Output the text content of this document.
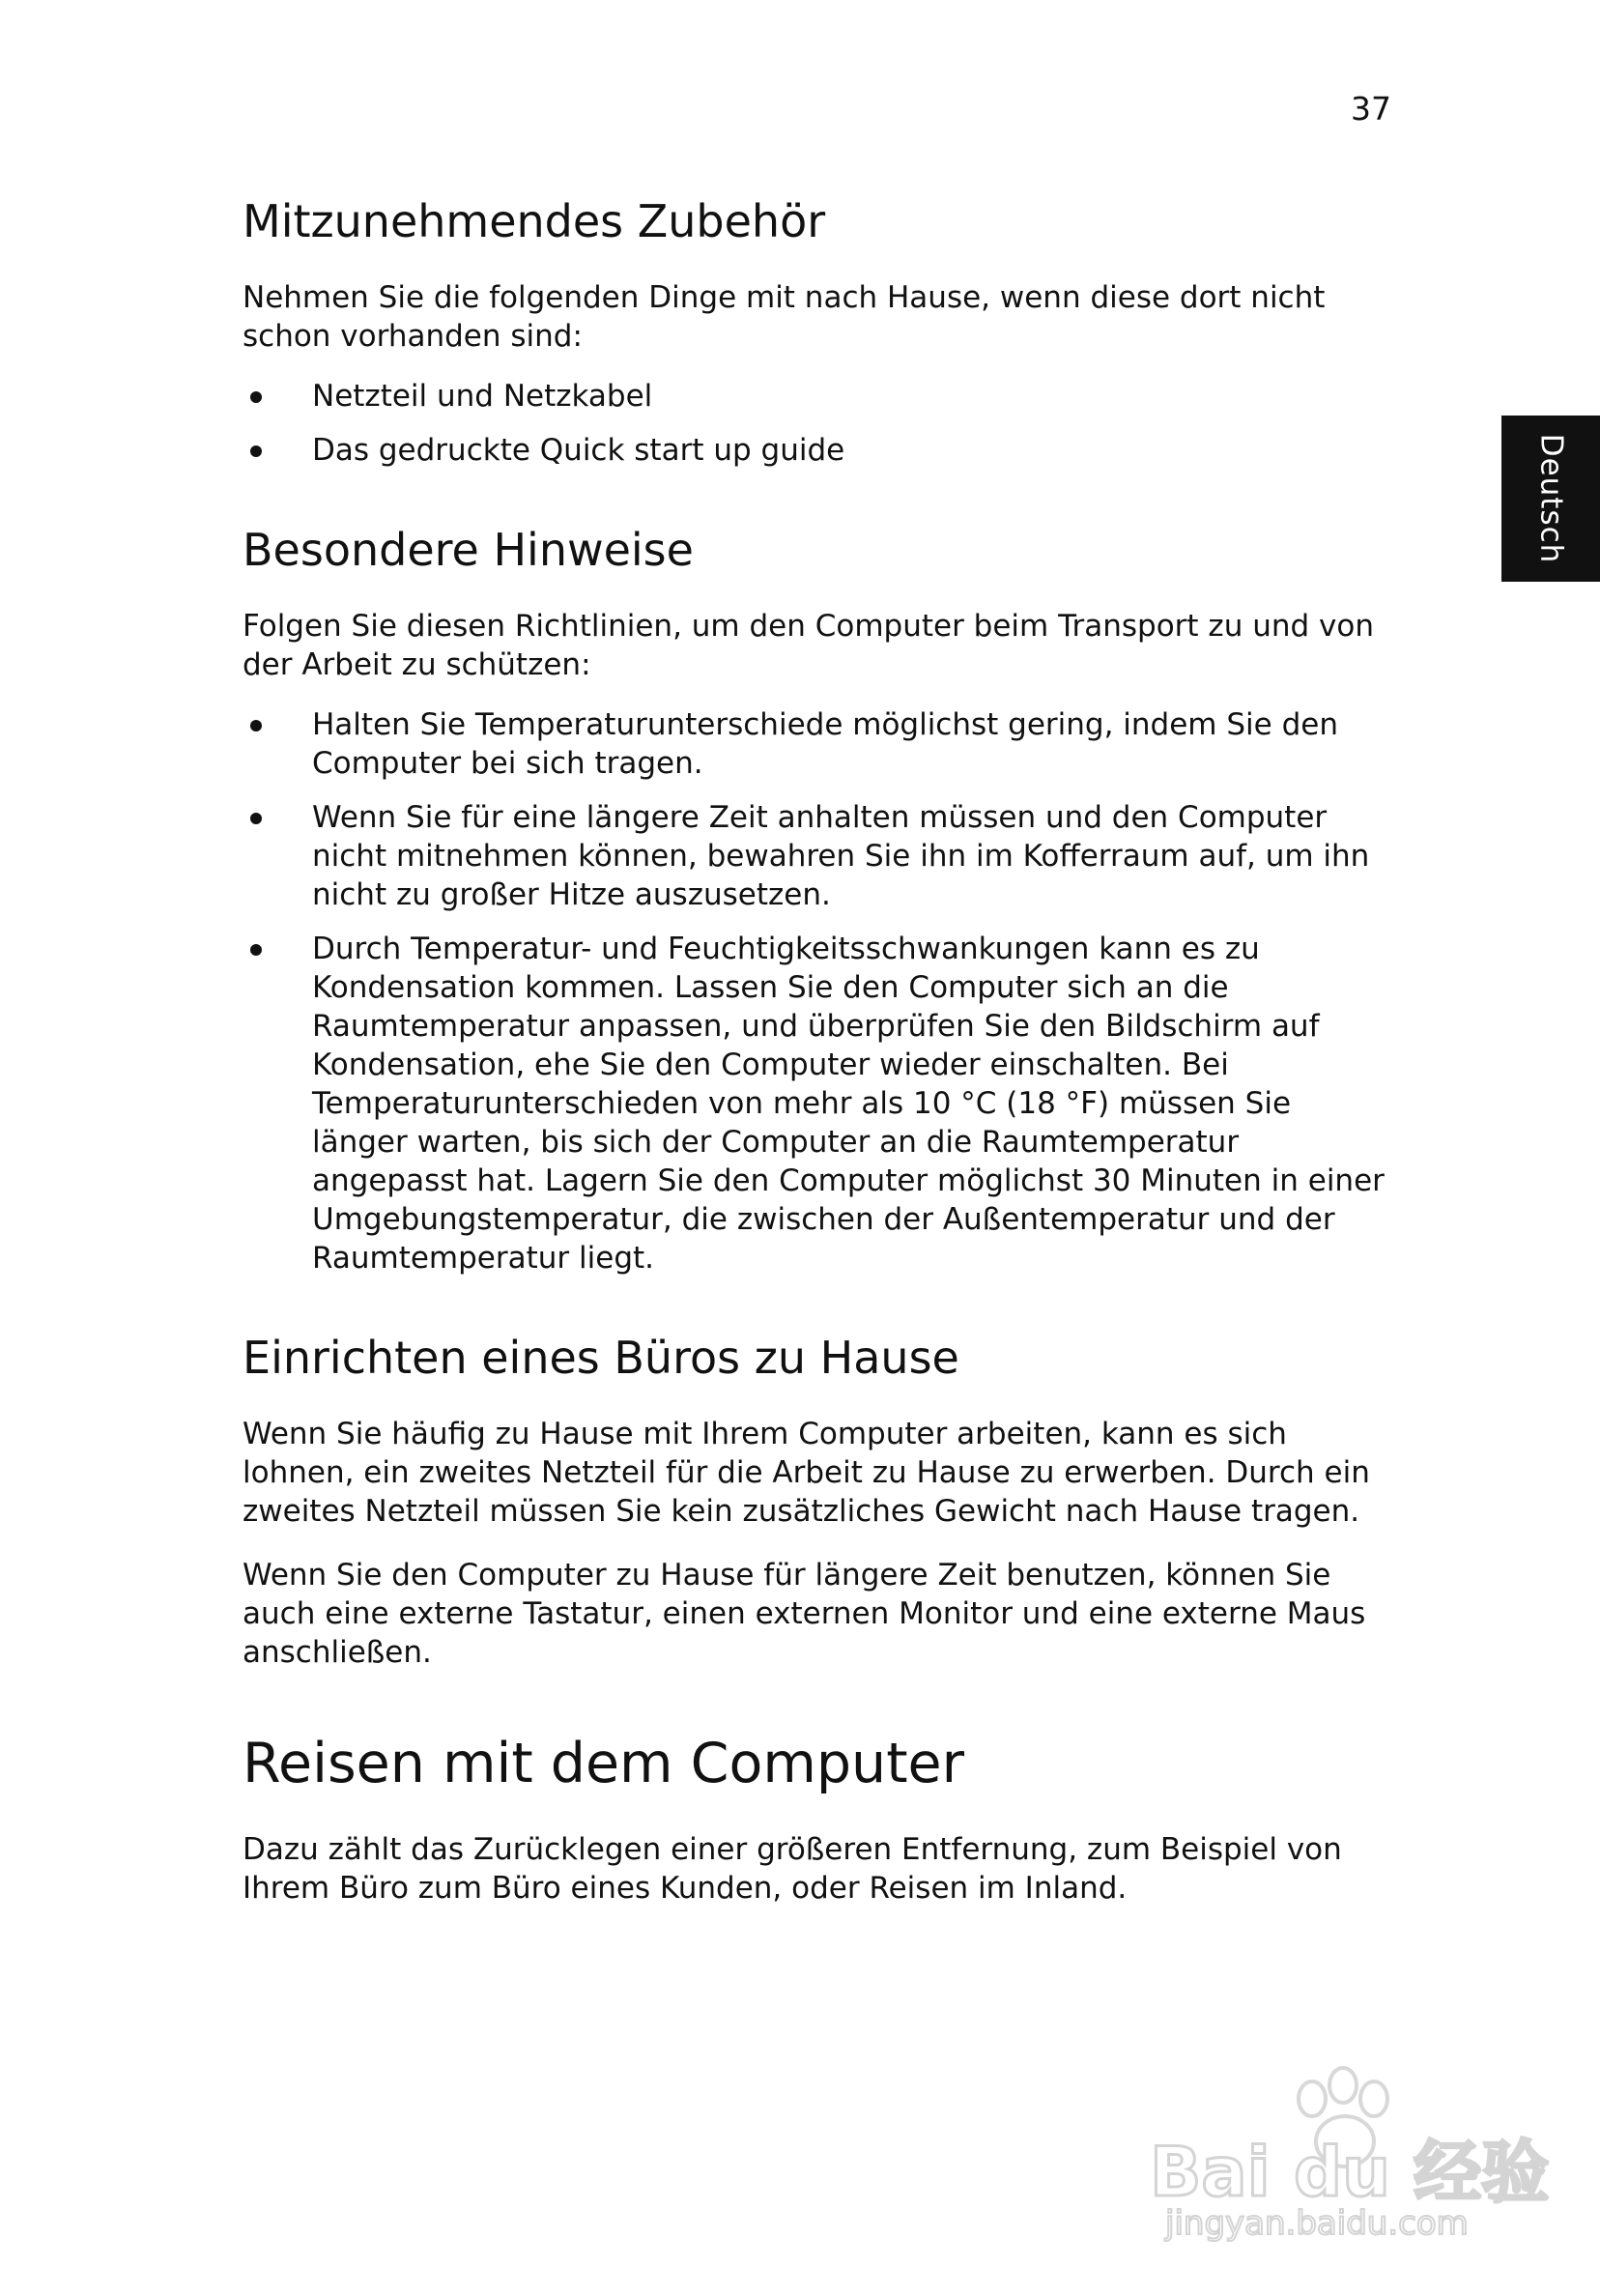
37
Deutsch
Mitzunehmendes Zubehör

Nehmen Sie die folgenden Dinge mit nach Hause, wenn diese dort nicht schon vorhanden sind:

Netzteil und Netzkabel
Das gedruckte Quick start up guide
Besondere Hinweise

Folgen Sie diesen Richtlinien, um den Computer beim Transport zu und von der Arbeit zu schützen:

Halten Sie Temperaturunterschiede möglichst gering, indem Sie den Computer bei sich tragen.
Wenn Sie für eine längere Zeit anhalten müssen und den Computer nicht mitnehmen können, bewahren Sie ihn im Kofferraum auf, um ihn nicht zu großer Hitze auszusetzen.
Durch Temperatur- und Feuchtigkeitsschwankungen kann es zu Kondensation kommen. Lassen Sie den Computer sich an die Raumtemperatur anpassen, und überprüfen Sie den Bildschirm auf Kondensation, ehe Sie den Computer wieder einschalten. Bei Temperaturunterschieden von mehr als 10 °C (18 °F) müssen Sie länger warten, bis sich der Computer an die Raumtemperatur angepasst hat. Lagern Sie den Computer möglichst 30 Minuten in einer Umgebungstemperatur, die zwischen der Außentemperatur und der Raumtemperatur liegt.
Einrichten eines Büros zu Hause

Wenn Sie häufig zu Hause mit Ihrem Computer arbeiten, kann es sich lohnen, ein zweites Netzteil für die Arbeit zu Hause zu erwerben. Durch ein zweites Netzteil müssen Sie kein zusätzliches Gewicht nach Hause tragen.

Wenn Sie den Computer zu Hause für längere Zeit benutzen, können Sie auch eine externe Tastatur, einen externen Monitor und eine externe Maus anschließen.

Reisen mit dem Computer

Dazu zählt das Zurücklegen einer größeren Entfernung, zum Beispiel von Ihrem Büro zum Büro eines Kunden, oder Reisen im Inland.

Bai du 经验
jingyan.baidu.com
